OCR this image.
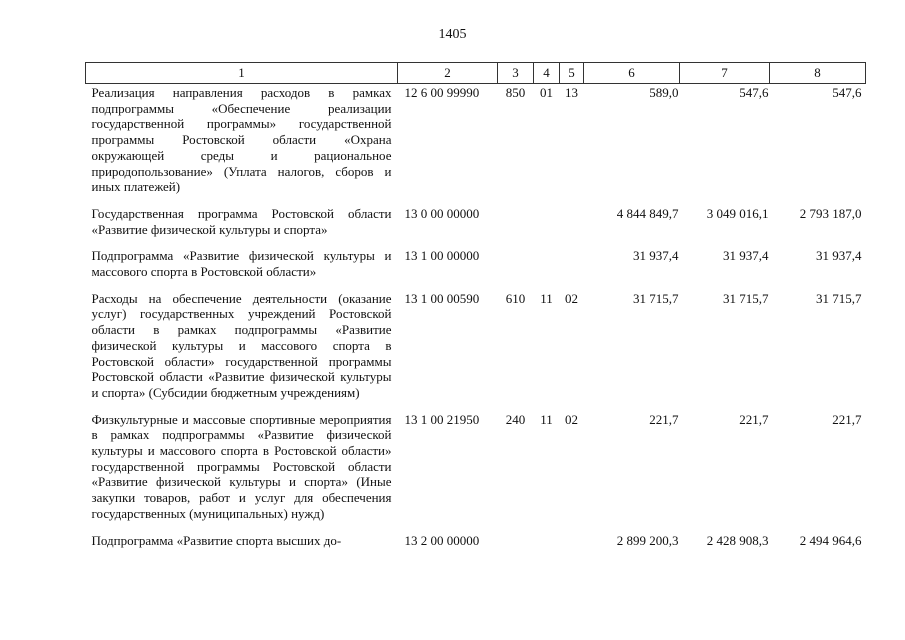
1405
1	2	3	4	5	6	7	8
Реализация направления расходов в рамках подпрограммы «Обеспечение реализации государственной программы» государственной программы Ростовской области «Охрана окружающей среды и рациональное природопользование» (Уплата налогов, сборов и иных платежей)	12 6 00 99990	850	01	13	589,0	547,6	547,6
Государственная программа Ростовской области «Развитие физической культуры и спорта»	13 0 00 00000				4 844 849,7	3 049 016,1	2 793 187,0
Подпрограмма «Развитие физической культуры и массового спорта в Ростовской области»	13 1 00 00000				31 937,4	31 937,4	31 937,4
Расходы на обеспечение деятельности (оказание услуг) государственных учреждений Ростовской области в рамках подпрограммы «Развитие физической культуры и массового спорта в Ростовской области» государственной программы Ростовской области «Развитие физической культуры и спорта» (Субсидии бюджетным учреждениям)	13 1 00 00590	610	11	02	31 715,7	31 715,7	31 715,7
Физкультурные и массовые спортивные мероприятия в рамках подпрограммы «Развитие физической культуры и массового спорта в Ростовской области» государственной программы Ростовской области «Развитие физической культуры и спорта» (Иные закупки товаров, работ и услуг для обеспечения государственных (муниципальных) нужд)	13 1 00 21950	240	11	02	221,7	221,7	221,7
Подпрограмма «Развитие спорта высших до-	13 2 00 00000				2 899 200,3	2 428 908,3	2 494 964,6
